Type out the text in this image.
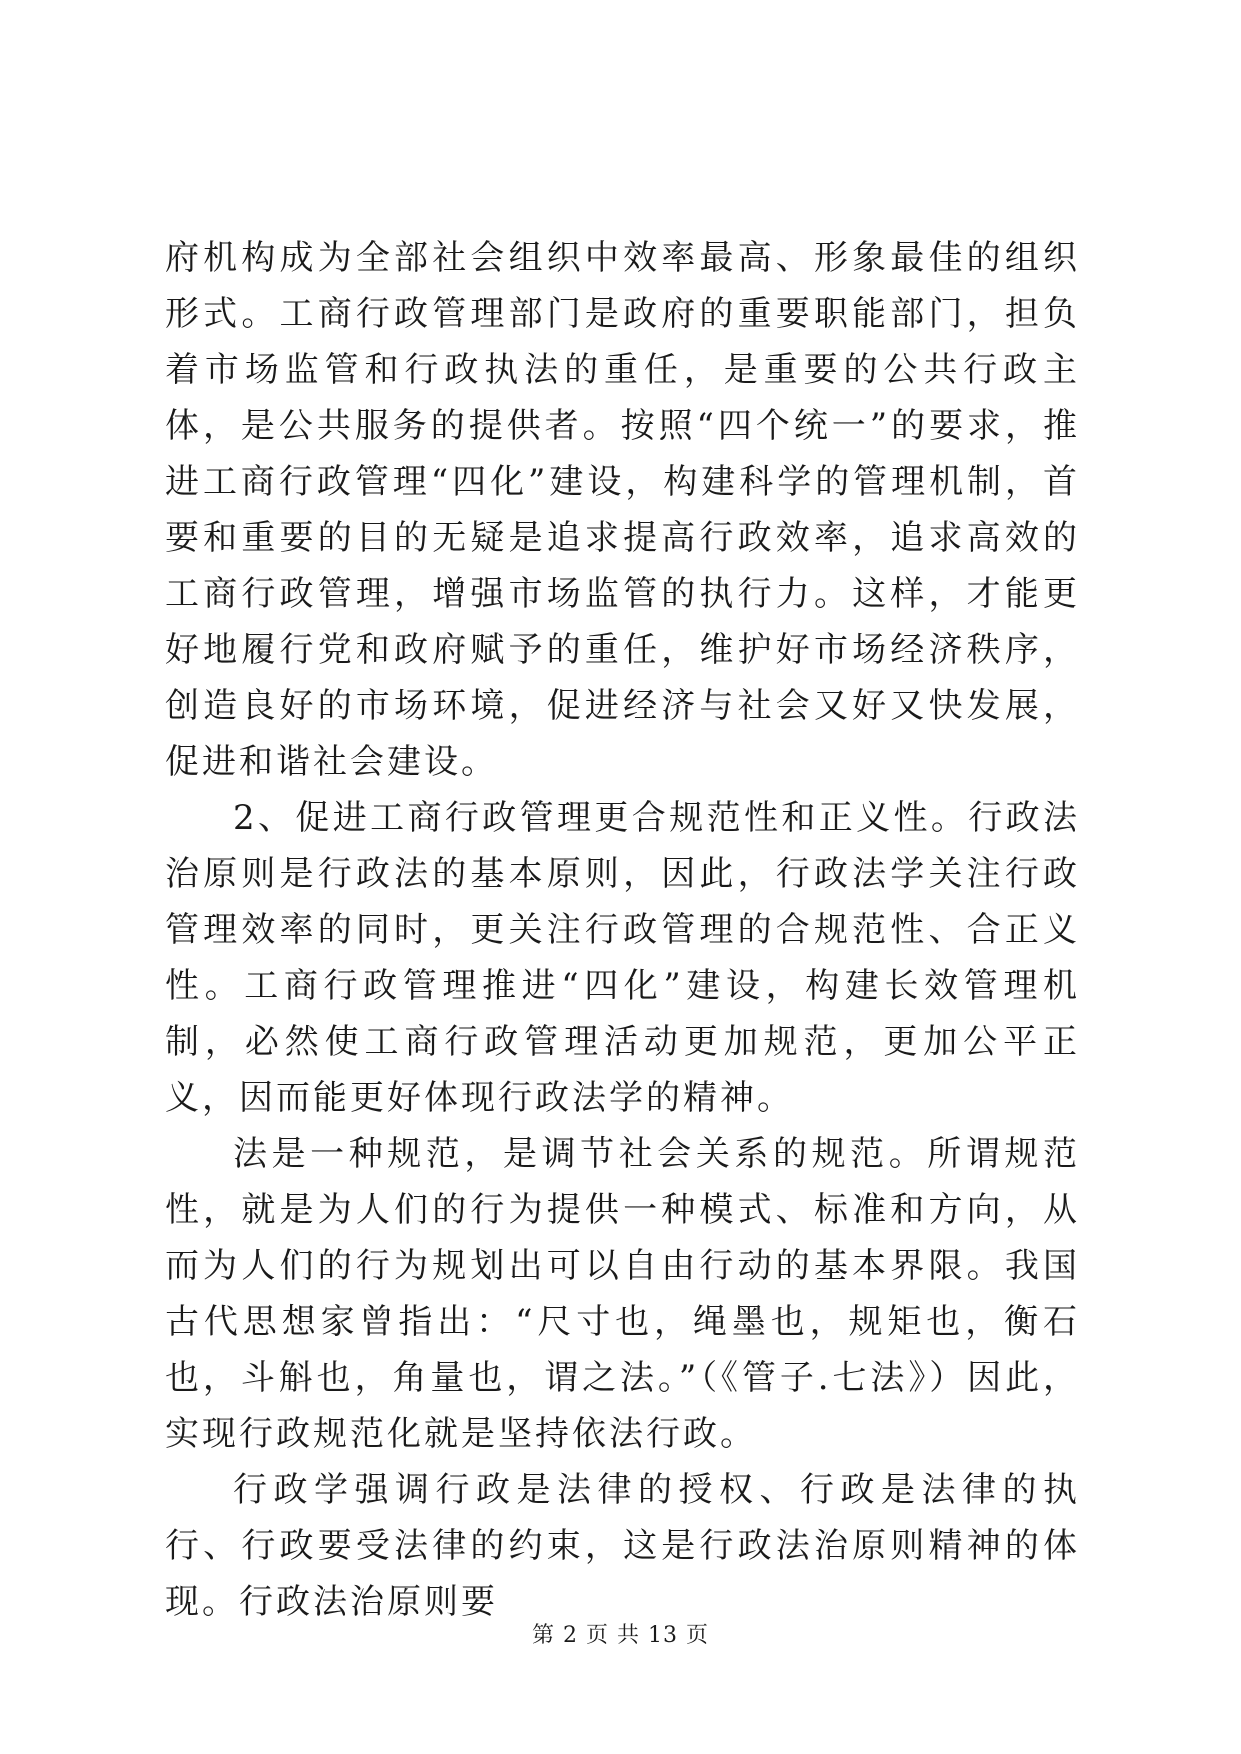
府机构成为全部社会组织中效率最高、形象最佳的组织形式。工商行政管理部门是政府的重要职能部门，担负着市场监管和行政执法的重任，是重要的公共行政主体，是公共服务的提供者。按照“四个统一”的要求，推进工商行政管理“四化”建设，构建科学的管理机制，首要和重要的目的无疑是追求提高行政效率，追求高效的工商行政管理，增强市场监管的执行力。这样，才能更好地履行党和政府赋予的重任，维护好市场经济秩序，创造良好的市场环境，促进经济与社会又好又快发展，促进和谐社会建设。

2、促进工商行政管理更合规范性和正义性。行政法治原则是行政法的基本原则，因此，行政法学关注行政管理效率的同时，更关注行政管理的合规范性、合正义性。工商行政管理推进“四化”建设，构建长效管理机制，必然使工商行政管理活动更加规范，更加公平正义，因而能更好体现行政法学的精神。

法是一种规范，是调节社会关系的规范。所谓规范性，就是为人们的行为提供一种模式、标准和方向，从而为人们的行为规划出可以自由行动的基本界限。我国古代思想家曾指出：“尺寸也，绳墨也，规矩也，衡石也，斗斛也，角量也，谓之法。”（《管子.七法》）因此，实现行政规范化就是坚持依法行政。

行政学强调行政是法律的授权、行政是法律的执行、行政要受法律的约束，这是行政法治原则精神的体现。行政法治原则要

第 2 页 共 13 页
